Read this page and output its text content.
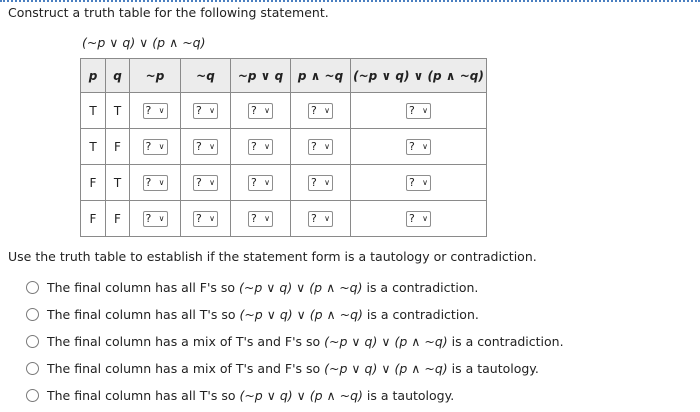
Construct a truth table for the following statement.
(~p ∨ q) ∨ (p ∧ ~q)
p	q	~p	~q	~p ∨ q	p ∧ ~q	(~p ∨ q) ∨ (p ∧ ~q)
T	T	? ∨	? ∨	? ∨	? ∨	? ∨

T	F	? ∨	? ∨	? ∨	? ∨	? ∨

F	T	? ∨	? ∨	? ∨	? ∨	? ∨

F	F	? ∨	? ∨	? ∨	? ∨	? ∨
Use the truth table to establish if the statement form is a tautology or contradiction.
The final column has all F's so (~p ∨ q) ∨ (p ∧ ~q) is a contradiction.
The final column has all T's so (~p ∨ q) ∨ (p ∧ ~q) is a contradiction.
The final column has a mix of T's and F's so (~p ∨ q) ∨ (p ∧ ~q) is a contradiction.
The final column has a mix of T's and F's so (~p ∨ q) ∨ (p ∧ ~q) is a tautology.
The final column has all T's so (~p ∨ q) ∨ (p ∧ ~q) is a tautology.
